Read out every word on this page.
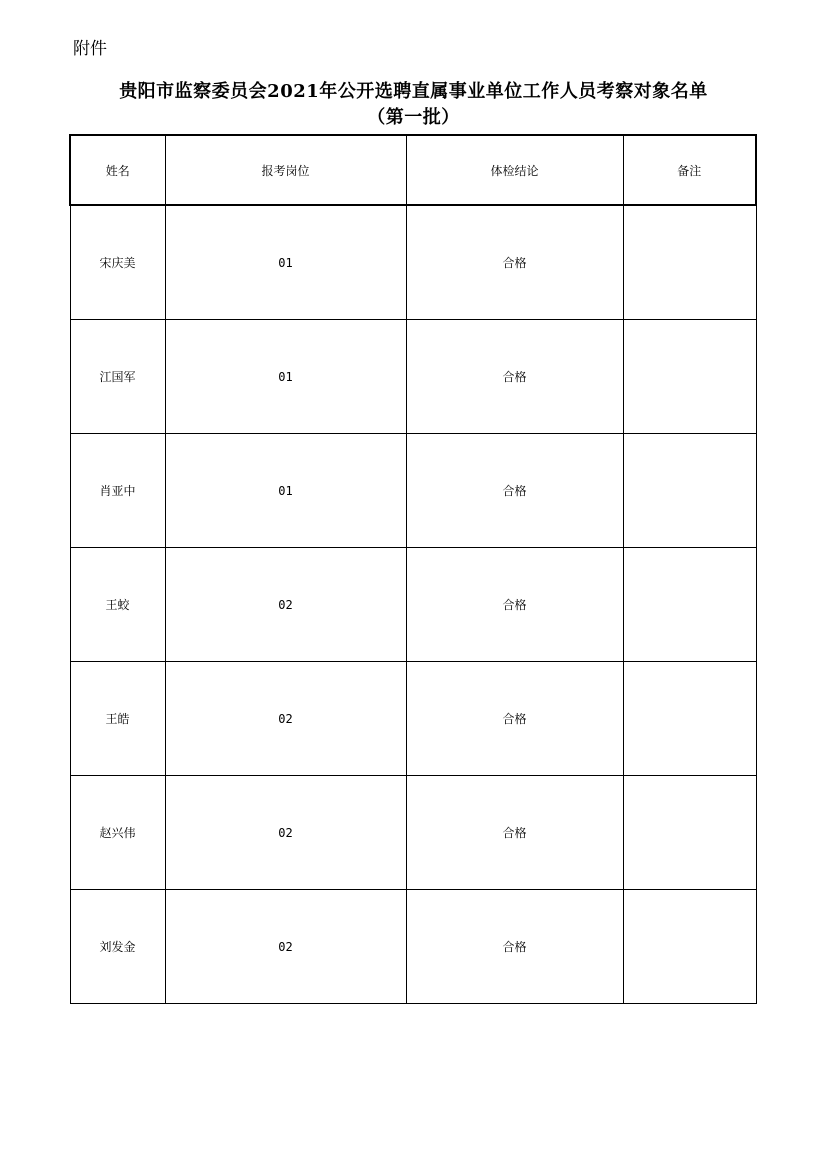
附件
贵阳市监察委员会2021年公开选聘直属事业单位工作人员考察对象名单
（第一批）
姓名	报考岗位	体检结论	备注
宋庆美	01	合格	
江国军	01	合格	
肖亚中	01	合格	
王蛟	02	合格	
王皓	02	合格	
赵兴伟	02	合格	
刘发金	02	合格	
